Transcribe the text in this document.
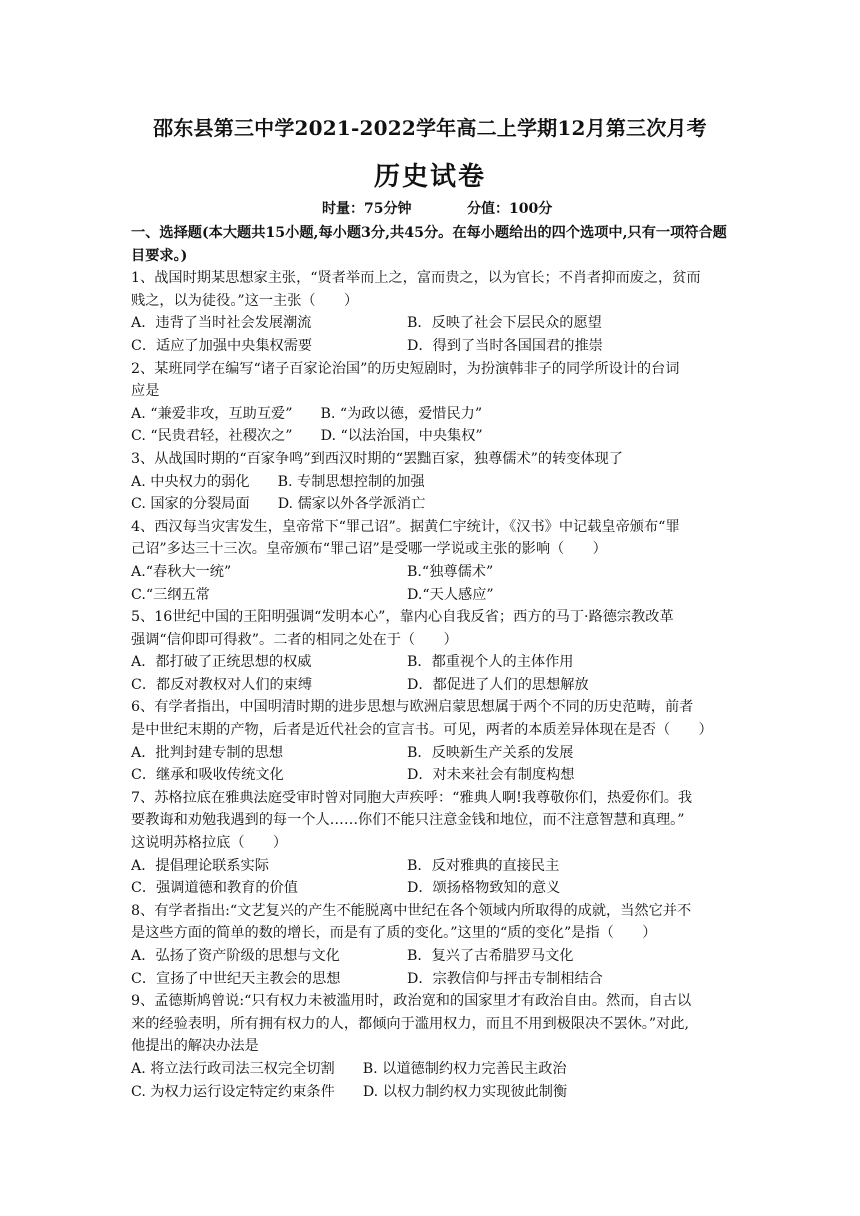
邵东县第三中学2021-2022学年高二上学期12月第三次月考
历史试卷
时量：75分钟	分值：100分

一、选择题(本大题共15小题,每小题3分,共45分。在每小题给出的四个选项中,只有一项符合题目要求。)

1、战国时期某思想家主张，“贤者举而上之，富而贵之，以为官长；不肖者抑而废之，贫而

贱之，以为徒役。”这一主张（　　）

A．违背了当时社会发展潮流	B．反映了社会下层民众的愿望
C．适应了加强中央集权需要	D．得到了当时各国国君的推崇

2、某班同学在编写“诸子百家论治国”的历史短剧时，为扮演韩非子的同学所设计的台词

应是

A. “兼爱非攻，互助互爱” B. “为政以德，爱惜民力”
C. “民贵君轻，社稷次之” D. “以法治国，中央集权”

3、从战国时期的“百家争鸣”到西汉时期的“罢黜百家，独尊儒术”的转变体现了

A. 中央权力的弱化 B. 专制思想控制的加强
C. 国家的分裂局面 D. 儒家以外各学派消亡

4、西汉每当灾害发生，皇帝常下“罪己诏”。据黄仁宇统计，《汉书》中记载皇帝颁布“罪

己诏”多达三十三次。皇帝颁布“罪己诏”是受哪一学说或主张的影响（　　）

A.“春秋大一统”	B.“独尊儒术”
C.“三纲五常	D.“天人感应”

5、16世纪中国的王阳明强调“发明本心”，靠内心自我反省；西方的马丁·路德宗教改革

强调“信仰即可得救”。二者的相同之处在于（　　）

A．都打破了正统思想的权威	B．都重视个人的主体作用
C．都反对教权对人们的束缚	D．都促进了人们的思想解放

6、有学者指出，中国明清时期的进步思想与欧洲启蒙思想属于两个不同的历史范畴，前者

是中世纪末期的产物，后者是近代社会的宣言书。可见，两者的本质差异体现在是否（　　）

A．批判封建专制的思想	B．反映新生产关系的发展
C．继承和吸收传统文化	D．对未来社会有制度构想

7、苏格拉底在雅典法庭受审时曾对同胞大声疾呼：“雅典人啊!我尊敬你们，热爱你们。我

要教诲和劝勉我遇到的每一个人……你们不能只注意金钱和地位，而不注意智慧和真理。”

这说明苏格拉底（　　）

A．提倡理论联系实际	B．反对雅典的直接民主
C．强调道德和教育的价值	D．颂扬格物致知的意义

8、有学者指出:“文艺复兴的产生不能脱离中世纪在各个领域内所取得的成就，当然它并不

是这些方面的简单的数的增长，而是有了质的变化。”这里的“质的变化”是指（　　）

A．弘扬了资产阶级的思想与文化	B．复兴了古希腊罗马文化
C．宣扬了中世纪天主教会的思想	D．宗教信仰与抨击专制相结合

9、孟德斯鸠曾说:“只有权力未被滥用时，政治宽和的国家里才有政治自由。然而，自古以

来的经验表明，所有拥有权力的人，都倾向于滥用权力，而且不用到极限决不罢休。”对此,

他提出的解决办法是

A. 将立法行政司法三权完全切割 B. 以道德制约权力完善民主政治
C. 为权力运行设定特定约束条件 D. 以权力制约权力实现彼此制衡
